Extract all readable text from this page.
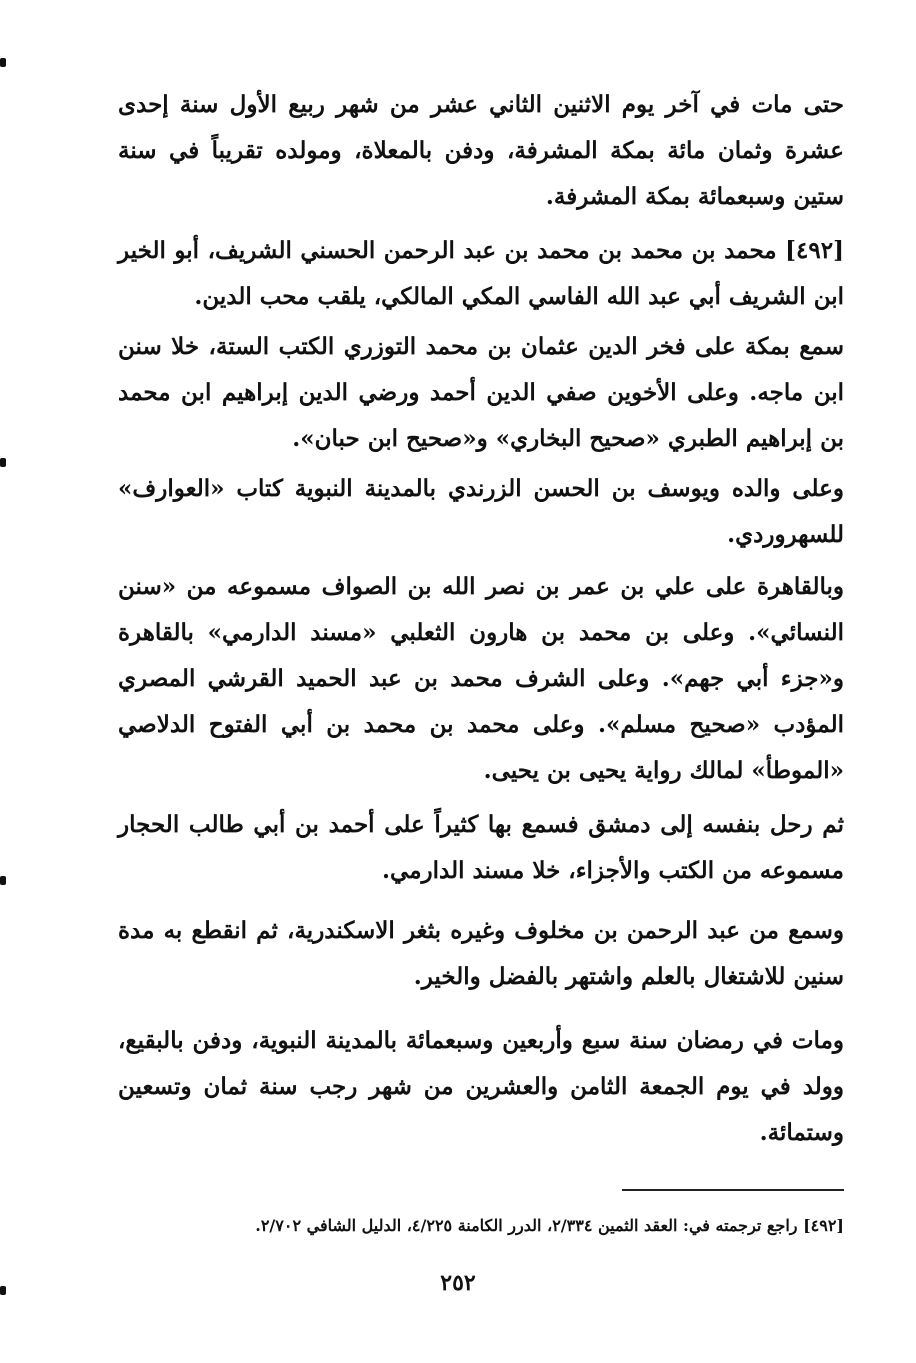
حتى مات في آخر يوم الاثنين الثاني عشر من شهر ربيع الأول سنة إحدى عشرة وثمان مائة بمكة المشرفة، ودفن بالمعلاة، ومولده تقريباً في سنة ستين وسبعمائة بمكة المشرفة.

[٤٩٢] محمد بن محمد بن محمد بن عبد الرحمن الحسني الشريف، أبو الخير ابن الشريف أبي عبد الله الفاسي المكي المالكي، يلقب محب الدين.

سمع بمكة على فخر الدين عثمان بن محمد التوزري الكتب الستة، خلا سنن ابن ماجه. وعلى الأخوين صفي الدين أحمد ورضي الدين إبراهيم ابن محمد بن إبراهيم الطبري «صحيح البخاري» و«صحيح ابن حبان».

وعلى والده ويوسف بن الحسن الزرندي بالمدينة النبوية كتاب «العوارف» للسهروردي.

وبالقاهرة على علي بن عمر بن نصر الله بن الصواف مسموعه من «سنن النسائي». وعلى بن محمد بن هارون الثعلبي «مسند الدارمي» بالقاهرة و«جزء أبي جهم». وعلى الشرف محمد بن عبد الحميد القرشي المصري المؤدب «صحيح مسلم». وعلى محمد بن محمد بن أبي الفتوح الدلاصي «الموطأ» لمالك رواية يحيى بن يحيى.

ثم رحل بنفسه إلى دمشق فسمع بها كثيراً على أحمد بن أبي طالب الحجار مسموعه من الكتب والأجزاء، خلا مسند الدارمي.

وسمع من عبد الرحمن بن مخلوف وغيره بثغر الاسكندرية، ثم انقطع به مدة سنين للاشتغال بالعلم واشتهر بالفضل والخير.

ومات في رمضان سنة سبع وأربعين وسبعمائة بالمدينة النبوية، ودفن بالبقيع، وولد في يوم الجمعة الثامن والعشرين من شهر رجب سنة ثمان وتسعين وستمائة.

[٤٩٢] راجع ترجمته في: العقد الثمين ٢/٣٣٤، الدرر الكامنة ٤/٢٢٥، الدليل الشافي ٢/٧٠٢.
٢٥٢
